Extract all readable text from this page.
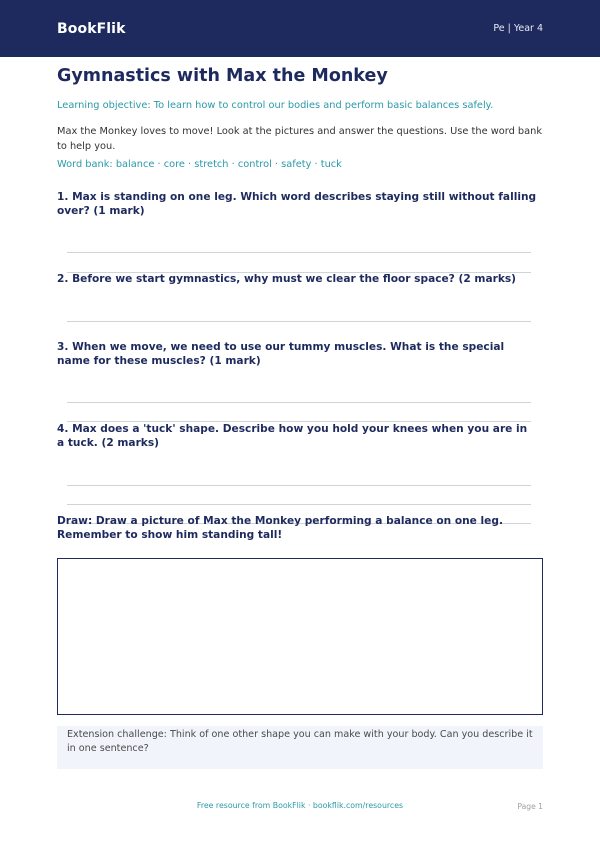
BookFlik	Pe | Year 4
Gymnastics with Max the Monkey
Learning objective: To learn how to control our bodies and perform basic balances safely.
Max the Monkey loves to move! Look at the pictures and answer the questions. Use the word bank to help you.
Word bank: balance · core · stretch · control · safety · tuck
1. Max is standing on one leg. Which word describes staying still without falling over? (1 mark)
2. Before we start gymnastics, why must we clear the floor space? (2 marks)
3. When we move, we need to use our tummy muscles. What is the special name for these muscles? (1 mark)
4. Max does a 'tuck' shape. Describe how you hold your knees when you are in a tuck. (2 marks)
Draw: Draw a picture of Max the Monkey performing a balance on one leg. Remember to show him standing tall!
Extension challenge: Think of one other shape you can make with your body. Can you describe it in one sentence?
Free resource from BookFlik · bookflik.com/resources	Page 1
